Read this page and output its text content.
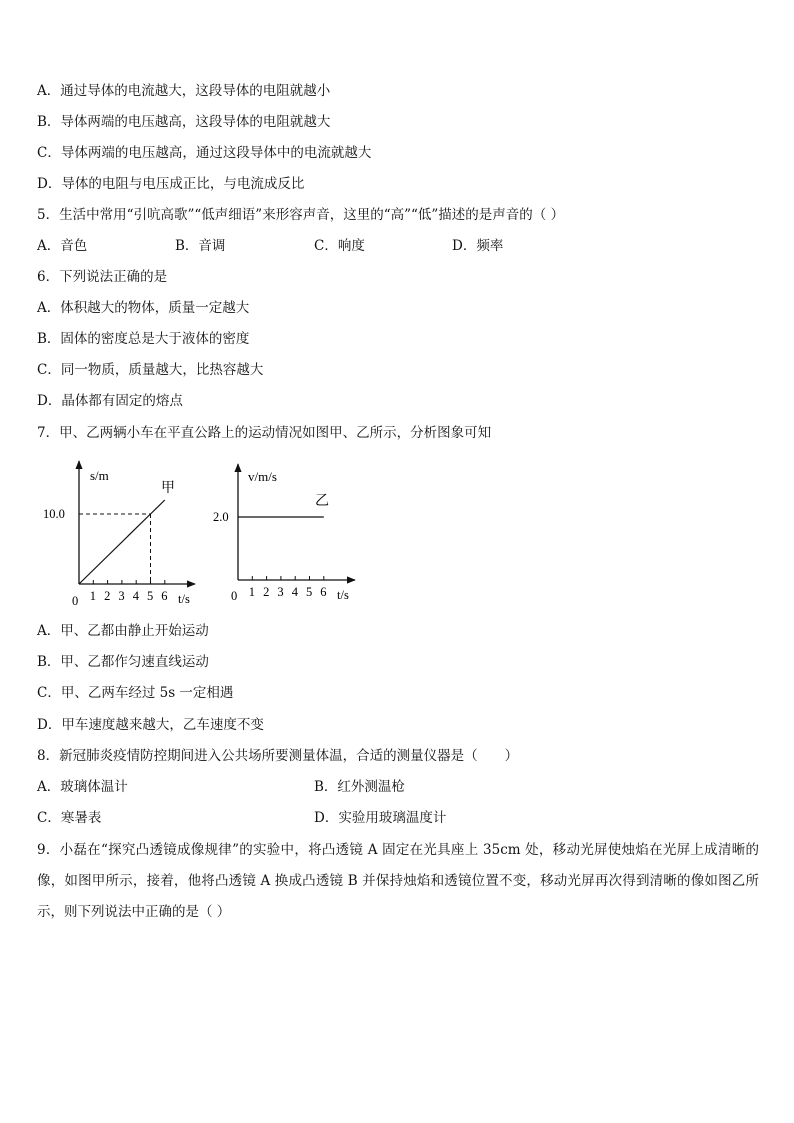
A．通过导体的电流越大，这段导体的电阻就越小
B．导体两端的电压越高，这段导体的电阻就越大
C．导体两端的电压越高，通过这段导体中的电流就越大
D．导体的电阻与电压成正比，与电流成反比
5．生活中常用“引吭高歌”“低声细语”来形容声音，这里的“高”“低”描述的是声音的（ ）
A．音色	B．音调	C．响度	D．频率
6．下列说法正确的是
A．体积越大的物体，质量一定越大
B．固体的密度总是大于液体的密度
C．同一物质，质量越大，比热容越大
D．晶体都有固定的熔点
7．甲、乙两辆小车在平直公路上的运动情况如图甲、乙所示，分析图象可知
1 2 3 4 5 6
s/m
甲
10.0
0	t/s	1 2 3 4 5 6
v/m/s
乙
2.0
0	t/s
A．甲、乙都由静止开始运动
B．甲、乙都作匀速直线运动
C．甲、乙两车经过 5s 一定相遇
D．甲车速度越来越大，乙车速度不变
8．新冠肺炎疫情防控期间进入公共场所要测量体温，合适的测量仪器是（　　）
A．玻璃体温计	B．红外测温枪
C．寒暑表	D．实验用玻璃温度计
9．小磊在“探究凸透镜成像规律”的实验中，将凸透镜 A 固定在光具座上 35cm 处，移动光屏使烛焰在光屏上成清晰的像，如图甲所示，接着，他将凸透镜 A 换成凸透镜 B 并保持烛焰和透镜位置不变，移动光屏再次得到清晰的像如图乙所示，则下列说法中正确的是（ ）
